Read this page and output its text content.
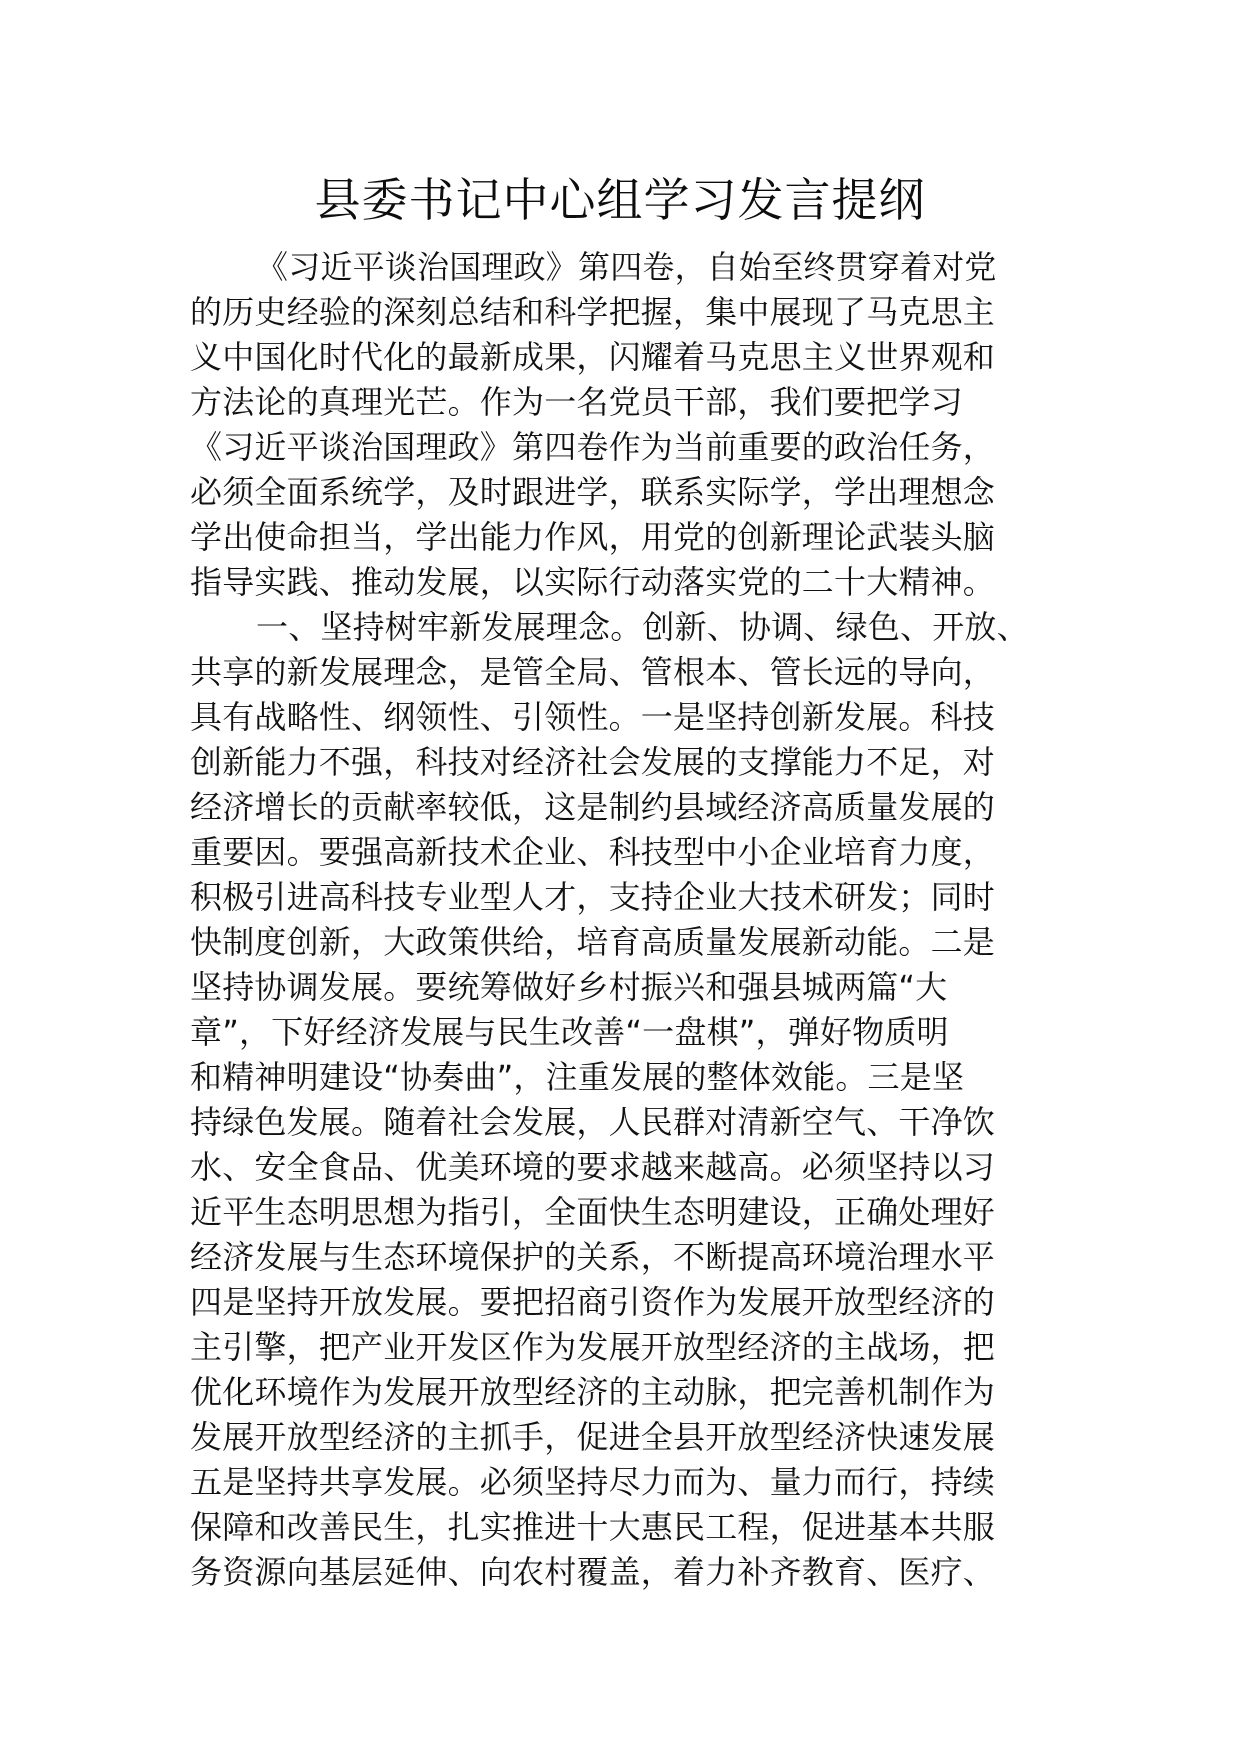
县委书记中心组学习发言提纲
《习近平谈治国理政》第四卷，自始至终贯穿着对党
的历史经验的深刻总结和科学把握，集中展现了马克思主
义中国化时代化的最新成果，闪耀着马克思主义世界观和
方法论的真理光芒。作为一名党员干部，我们要把学习
《习近平谈治国理政》第四卷作为当前重要的政治任务，
必须全面系统学，及时跟进学，联系实际学，学出理想念
学出使命担当，学出能力作风，用党的创新理论武装头脑
指导实践、推动发展，以实际行动落实党的二十大精神。
一、坚持树牢新发展理念。创新、协调、绿色、开放、
共享的新发展理念，是管全局、管根本、管长远的导向，
具有战略性、纲领性、引领性。一是坚持创新发展。科技
创新能力不强，科技对经济社会发展的支撑能力不足，对
经济增长的贡献率较低，这是制约县域经济高质量发展的
重要因。要强高新技术企业、科技型中小企业培育力度，
积极引进高科技专业型人才，支持企业大技术研发；同时
快制度创新，大政策供给，培育高质量发展新动能。二是
坚持协调发展。要统筹做好乡村振兴和强县城两篇“大
章”，下好经济发展与民生改善“一盘棋”，弹好物质明
和精神明建设“协奏曲”，注重发展的整体效能。三是坚
持绿色发展。随着社会发展，人民群对清新空气、干净饮
水、安全食品、优美环境的要求越来越高。必须坚持以习
近平生态明思想为指引，全面快生态明建设，正确处理好
经济发展与生态环境保护的关系，不断提高环境治理水平
四是坚持开放发展。要把招商引资作为发展开放型经济的
主引擎，把产业开发区作为发展开放型经济的主战场，把
优化环境作为发展开放型经济的主动脉，把完善机制作为
发展开放型经济的主抓手，促进全县开放型经济快速发展
五是坚持共享发展。必须坚持尽力而为、量力而行，持续
保障和改善民生，扎实推进十大惠民工程，促进基本共服
务资源向基层延伸、向农村覆盖，着力补齐教育、医疗、
